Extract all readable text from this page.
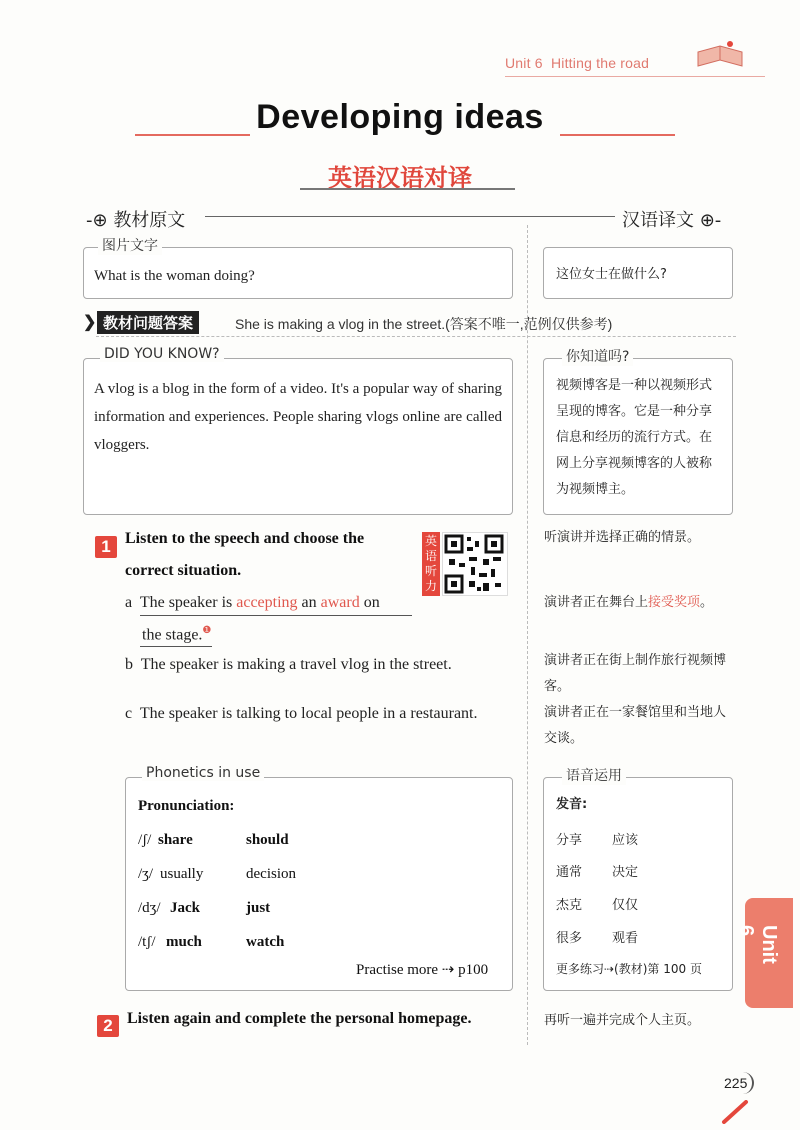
Unit 6 Hitting the road
Developing ideas
英语汉语对译
-⊕ 教材原文	汉语译文 ⊕-
图片文字
What is the woman doing?	这位女士在做什么?
❯ 教材问题答案	She is making a vlog in the street.(答案不唯一,范例仅供参考)
DID YOU KNOW?
A vlog is a blog in the form of a video. It's a popular way of sharing information and experiences. People sharing vlogs online are called vloggers.
你知道吗?
视频博客是一种以视频形式呈现的博客。它是一种分享信息和经历的流行方式。在网上分享视频博客的人被称为视频博主。
1 Listen to the speech and choose the
correct situation.
英语听力
听演讲并选择正确的情景。
a The speaker is accepting an award on
the stage.$^❶$
演讲者正在舞台上接受奖项。
b The speaker is making a travel vlog in the street.	演讲者正在街上制作旅行视频博客。
c The speaker is talking to local people in a restaurant.	演讲者正在一家餐馆里和当地人交谈。
Phonetics in use
Pronunciation:
/ʃ/ share	should
/ʒ/ usually	decision
/dʒ/ Jack	just
/tʃ/ much	watch
Practise more ⇢ p100
语音运用
发音:
分享 应该
通常 决定
杰克 仅仅
很多 观看
更多练习⇢(教材)第 100 页
2 Listen again and complete the personal homepage.	再听一遍并完成个人主页。
Unit 6
225
